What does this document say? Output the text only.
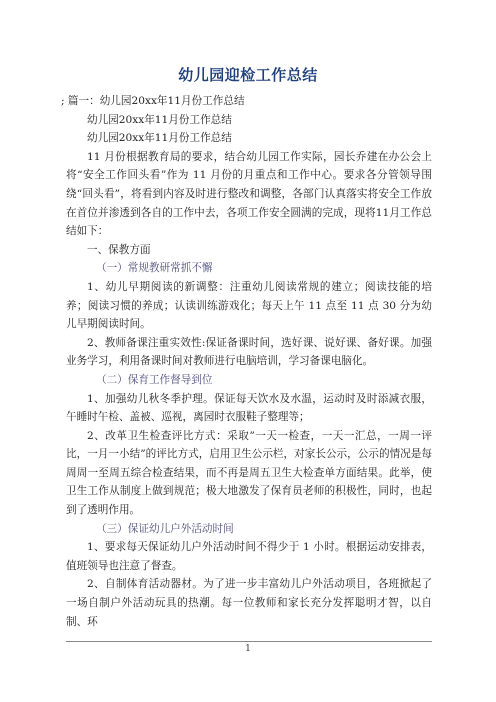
幼儿园迎检工作总结

; 篇一：幼儿园20xx年11月份工作总结

幼儿园20xx年11月份工作总结

幼儿园20xx年11月份工作总结

11 月份根据教育局的要求，结合幼儿园工作实际，园长乔建在办公会上将“安全工作回头看”作为 11 月份的月重点和工作中心。要求各分管领导围绕“回头看”，将看到内容及时进行整改和调整，各部门认真落实将安全工作放在首位并渗透到各自的工作中去，各项工作安全圆满的完成，现将11月工作总结如下：

一、保教方面

（一）常规教研常抓不懈

1、幼儿早期阅读的新调整：注重幼儿阅读常规的建立；阅读技能的培养；阅读习惯的养成；认读训练游戏化；每天上午 11 点至 11 点 30 分为幼儿早期阅读时间。

2、教师备课注重实效性:保证备课时间，选好课、说好课、备好课。加强业务学习，利用备课时间对教师进行电脑培训，学习备课电脑化。

（二）保育工作督导到位

1、加强幼儿秋冬季护理。保证每天饮水及水温，运动时及时添减衣服，午睡时午检、盖被、巡视，离园时衣服鞋子整理等；

2、改革卫生检查评比方式：采取”一天一检查，一天一汇总，一周一评比，一月一小结”的评比方式，启用卫生公示栏，对家长公示，公示的情况是每周周一至周五综合检查结果，而不再是周五卫生大检查单方面结果。此举，使卫生工作从制度上做到规范；极大地激发了保育员老师的积极性，同时，也起到了透明作用。

（三）保证幼儿户外活动时间

1、要求每天保证幼儿户外活动时间不得少于 1 小时。根据运动安排表，值班领导也注意了督查。

2、自制体育活动器材。为了进一步丰富幼儿户外活动项目，各班掀起了一场自制户外活动玩具的热潮。每一位教师和家长充分发挥聪明才智，以自制、环

1
